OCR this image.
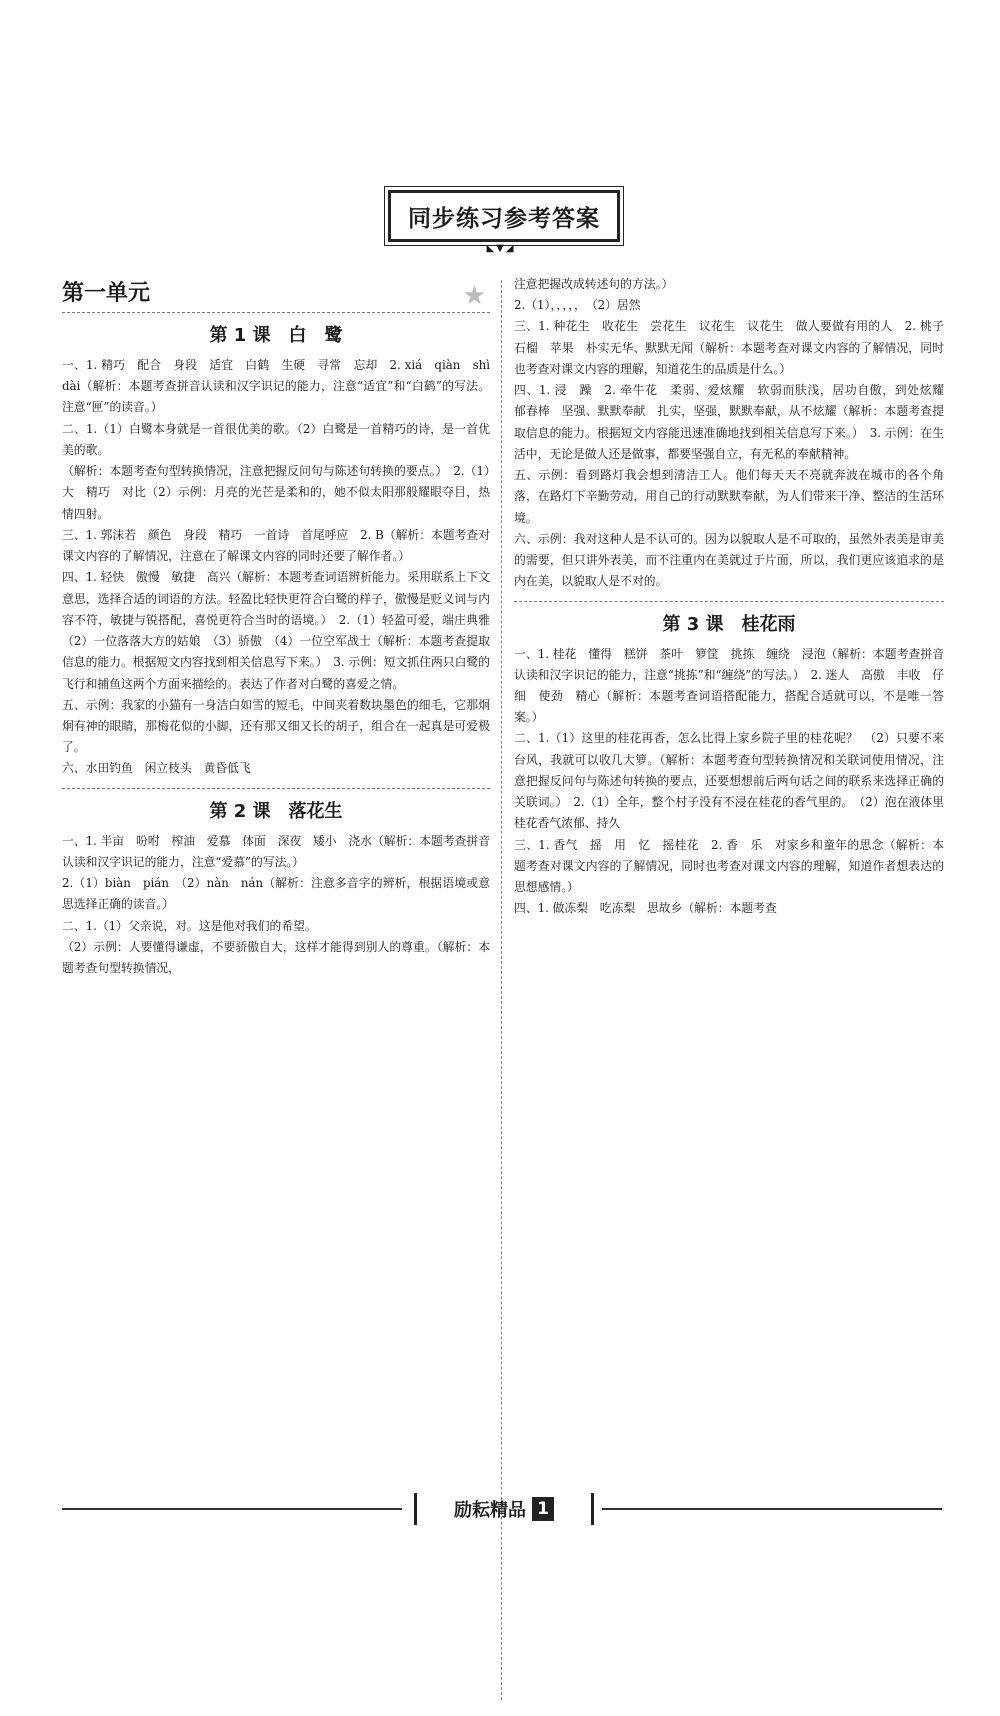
同步练习参考答案
◣▼◢
第一单元	★
第 1 课　白　鹭

一、1. 精巧　配合　身段　适宜　白鹤　生硬　寻常　忘却　2. xiá　qiàn　shì　dài（解析：本题考查拼音认读和汉字识记的能力，注意“适宜”和“白鹤”的写法。注意“匣”的读音。）

二、1.（1）白鹭本身就是一首很优美的歌。（2）白鹭是一首精巧的诗，是一首优美的歌。

（解析：本题考查句型转换情况，注意把握反问句与陈述句转换的要点。）　2.（1）大　精巧　对比（2）示例：月亮的光芒是柔和的，她不似太阳那般耀眼夺目，热情四射。

三、1. 郭沫若　颜色　身段　精巧　一首诗　首尾呼应　2. B（解析：本题考查对课文内容的了解情况，注意在了解课文内容的同时还要了解作者。）

四、1. 轻快　傲慢　敏捷　高兴（解析：本题考查词语辨析能力。采用联系上下文意思，选择合适的词语的方法。轻盈比轻快更符合白鹭的样子，傲慢是贬义词与内容不符，敏捷与锐搭配，喜悦更符合当时的语境。）　2.（1）轻盈可爱，端庄典雅（2）一位落落大方的姑娘　（3）骄傲　（4）一位空军战士（解析：本题考查提取信息的能力。根据短文内容找到相关信息写下来。）　3. 示例：短文抓住两只白鹭的飞行和捕鱼这两个方面来描绘的。表达了作者对白鹭的喜爱之情。

五、示例：我家的小猫有一身洁白如雪的短毛，中间夹着数块墨色的细毛，它那炯炯有神的眼睛，那梅花似的小脚，还有那又细又长的胡子，组合在一起真是可爱极了。

六、水田钓鱼　闲立枝头　黄昏低飞

第 2 课　落花生

一、1. 半亩　吩咐　榨油　爱慕　体面　深夜　矮小　浇水（解析：本题考查拼音认读和汉字识记的能力，注意“爱慕”的写法。）

2.（1）biàn　pián　（2）nàn　nán（解析：注意多音字的辨析，根据语境或意思选择正确的读音。）

二、1.（1）父亲说，对。这是他对我们的希望。

（2）示例：人要懂得谦虚，不要骄傲自大，这样才能得到别人的尊重。（解析：本题考查句型转换情况，

注意把握改成转述句的方法。）

2.（1），，，，，　（2）居然

三、1. 种花生　收花生　尝花生　议花生　议花生　做人要做有用的人　2. 桃子　石榴　苹果　朴实无华、默默无闻（解析：本题考查对课文内容的了解情况，同时也考查对课文内容的理解，知道花生的品质是什么。）

四、1. 浸　躁　2. 牵牛花　柔弱、爱炫耀　软弱而肤浅，居功自傲，到处炫耀　郁春棒　坚强、默默奉献　扎实，坚强，默默奉献，从不炫耀（解析：本题考查提取信息的能力。根据短文内容能迅速准确地找到相关信息写下来。）　3. 示例：在生活中，无论是做人还是做事，都要坚强自立，有无私的奉献精神。

五、示例：看到路灯我会想到清洁工人。他们每天天不亮就奔波在城市的各个角落，在路灯下辛勤劳动，用自己的行动默默奉献，为人们带来干净、整洁的生活环境。

六、示例：我对这种人是不认可的。因为以貌取人是不可取的，虽然外表美是审美的需要，但只讲外表美，而不注重内在美就过于片面，所以，我们更应该追求的是内在美，以貌取人是不对的。

第 3 课　桂花雨

一、1. 桂花　懂得　糕饼　茶叶　箩筐　挑拣　缠绕　浸泡（解析：本题考查拼音认读和汉字识记的能力，注意“挑拣”和“缠绕”的写法。）　2. 迷人　高傲　丰收　仔细　使劲　精心（解析：本题考查词语搭配能力，搭配合适就可以，不是唯一答案。）

二、1.（1）这里的桂花再香，怎么比得上家乡院子里的桂花呢？　（2）只要不来台风，我就可以收几大箩。（解析：本题考查句型转换情况和关联词使用情况，注意把握反问句与陈述句转换的要点，还要想想前后两句话之间的联系来选择正确的关联词。）　2.（1）全年，整个村子没有不浸在桂花的香气里的。　（2）泡在液体里　桂花香气浓郁、持久

三、1. 香气　摇　用　忆　摇桂花　2. 香　乐　对家乡和童年的思念（解析：本题考查对课文内容的了解情况，同时也考查对课文内容的理解，知道作者想表达的思想感情。）

四、1. 做冻梨　吃冻梨　思故乡（解析：本题考查

励耘精品 1
